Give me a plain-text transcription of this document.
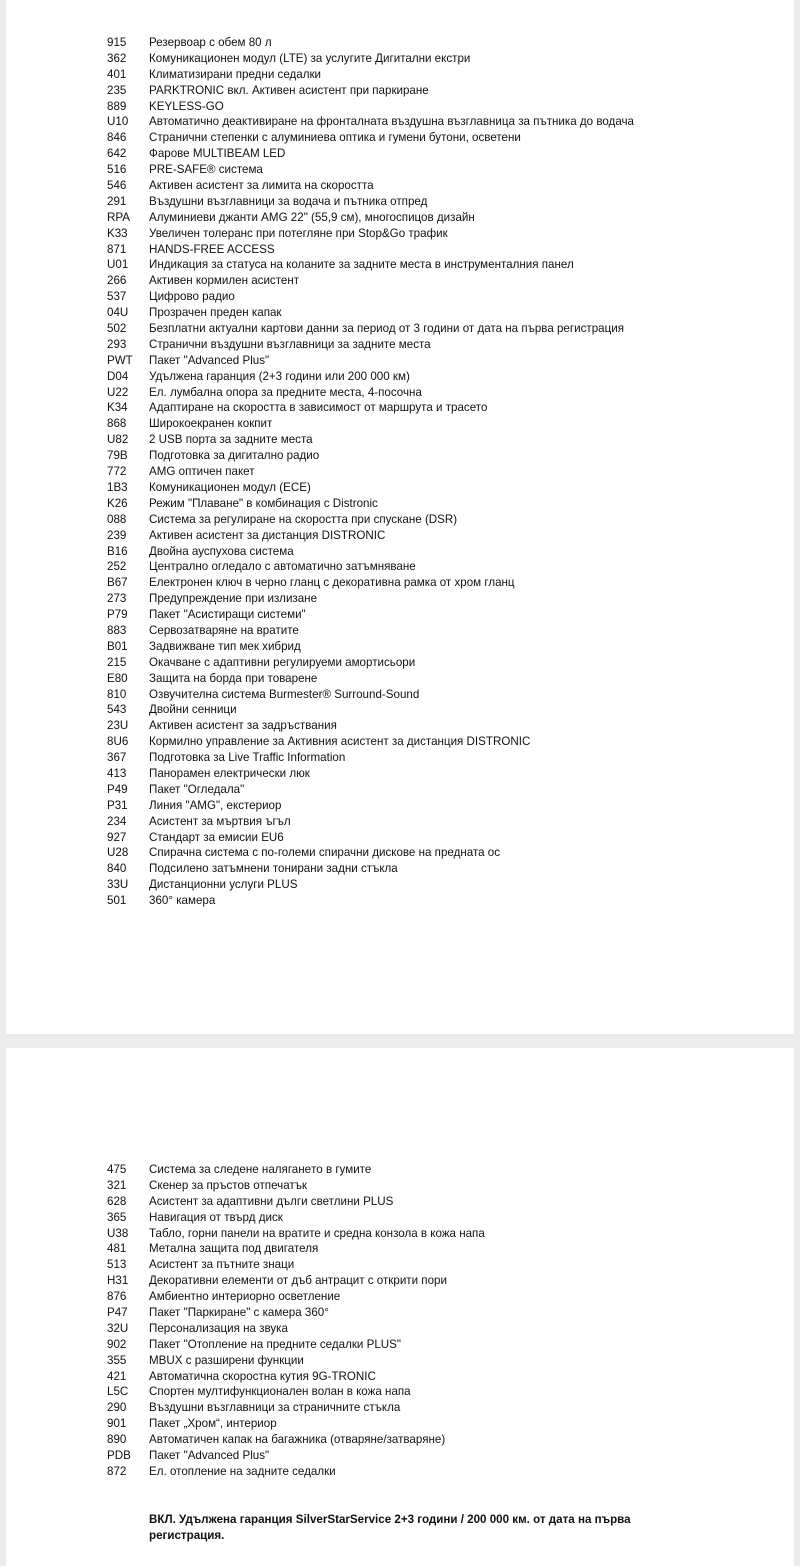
915	Резервоар с обем 80 л
362	Комуникационен модул (LTE) за услугите Дигитални екстри
401	Климатизирани предни седалки
235	PARKTRONIC вкл. Активен асистент при паркиране
889	KEYLESS-GO
U10	Автоматично деактивиране на фронталната въздушна възглавница за пътника до водача
846	Странични степенки с алуминиева оптика и гумени бутони, осветени
642	Фарове MULTIBEAM LED
516	PRE-SAFE® система
546	Активен асистент за лимита на скоростта
291	Въздушни възглавници за водача и пътника отпред
RPA	Алуминиеви джанти AMG 22" (55,9 см), многоспицов дизайн
K33	Увеличен толеранс при потегляне при Stop&Go трафик
871	HANDS-FREE ACCESS
U01	Индикация за статуса на коланите за задните места в инструменталния панел
266	Активен кормилен асистент
537	Цифрово радио
04U	Прозрачен преден капак
502	Безплатни актуални картови данни за период от 3 години от дата на първа регистрация
293	Странични въздушни възглавници за задните места
PWT	Пакет "Advanced Plus"
D04	Удължена гаранция (2+3 години или 200 000 км)
U22	Ел. лумбална опора за предните места, 4-посочна
K34	Адаптиране на скоростта в зависимост от маршрута и трасето
868	Широкоекранен кокпит
U82	2 USB порта за задните места
79B	Подготовка за дигитално радио
772	AMG оптичен пакет
1B3	Комуникационен модул (ECE)
K26	Режим "Плаване" в комбинация с Distronic
088	Система за регулиране на скоростта при спускане (DSR)
239	Активен асистент за дистанция DISTRONIC
B16	Двойна ауспухова система
252	Централно огледало с автоматично затъмняване
B67	Електронен ключ в черно гланц с декоративна рамка от хром гланц
273	Предупреждение при излизане
P79	Пакет "Асистиращи системи"
883	Сервозатваряне на вратите
B01	Задвижване тип мек хибрид
215	Окачване с адаптивни регулируеми амортисьори
E80	Защита на борда при товарене
810	Озвучителна система Burmester® Surround-Sound
543	Двойни сенници
23U	Активен асистент за задръствания
8U6	Кормилно управление за Активния асистент за дистанция DISTRONIC
367	Подготовка за Live Traffic Information
413	Панорамен електрически люк
P49	Пакет "Огледала"
P31	Линия "AMG", екстериор
234	Асистент за мъртвия ъгъл
927	Стандарт за емисии EU6
U28	Спирачна система с по-големи спирачни дискове на предната ос
840	Подсилено затъмнени тонирани задни стъкла
33U	Дистанционни услуги PLUS
501	360° камера
475	Система за следене наляганeто в гумите
321	Скенер за пръстов отпечатък
628	Асистент за адаптивни дълги светлини PLUS
365	Навигация от твърд диск
U38	Табло, горни панели на вратите и средна конзола в кожа напа
481	Метална защита под двигателя
513	Асистент за пътните знаци
H31	Декоративни елементи от дъб антрацит с открити пори
876	Амбиентно интериорно осветление
P47	Пакет "Паркиране" с камера 360°
32U	Персонализация на звука
902	Пакет "Отопление на предните седалки PLUS"
355	MBUX с разширени функции
421	Автоматична скоростна кутия 9G-TRONIC
L5C	Спортен мултифункционален волан в кожа напа
290	Въздушни възглавници за страничните стъкла
901	Пакет „Хром“, интериор
890	Автоматичен капак на багажника (отваряне/затваряне)
PDB	Пакет "Advanced Plus"
872	Ел. отопление на задните седалки

ВКЛ. Удължена гаранция SilverStarService 2+3 години / 200 000 км. от дата на първа регистрация.
